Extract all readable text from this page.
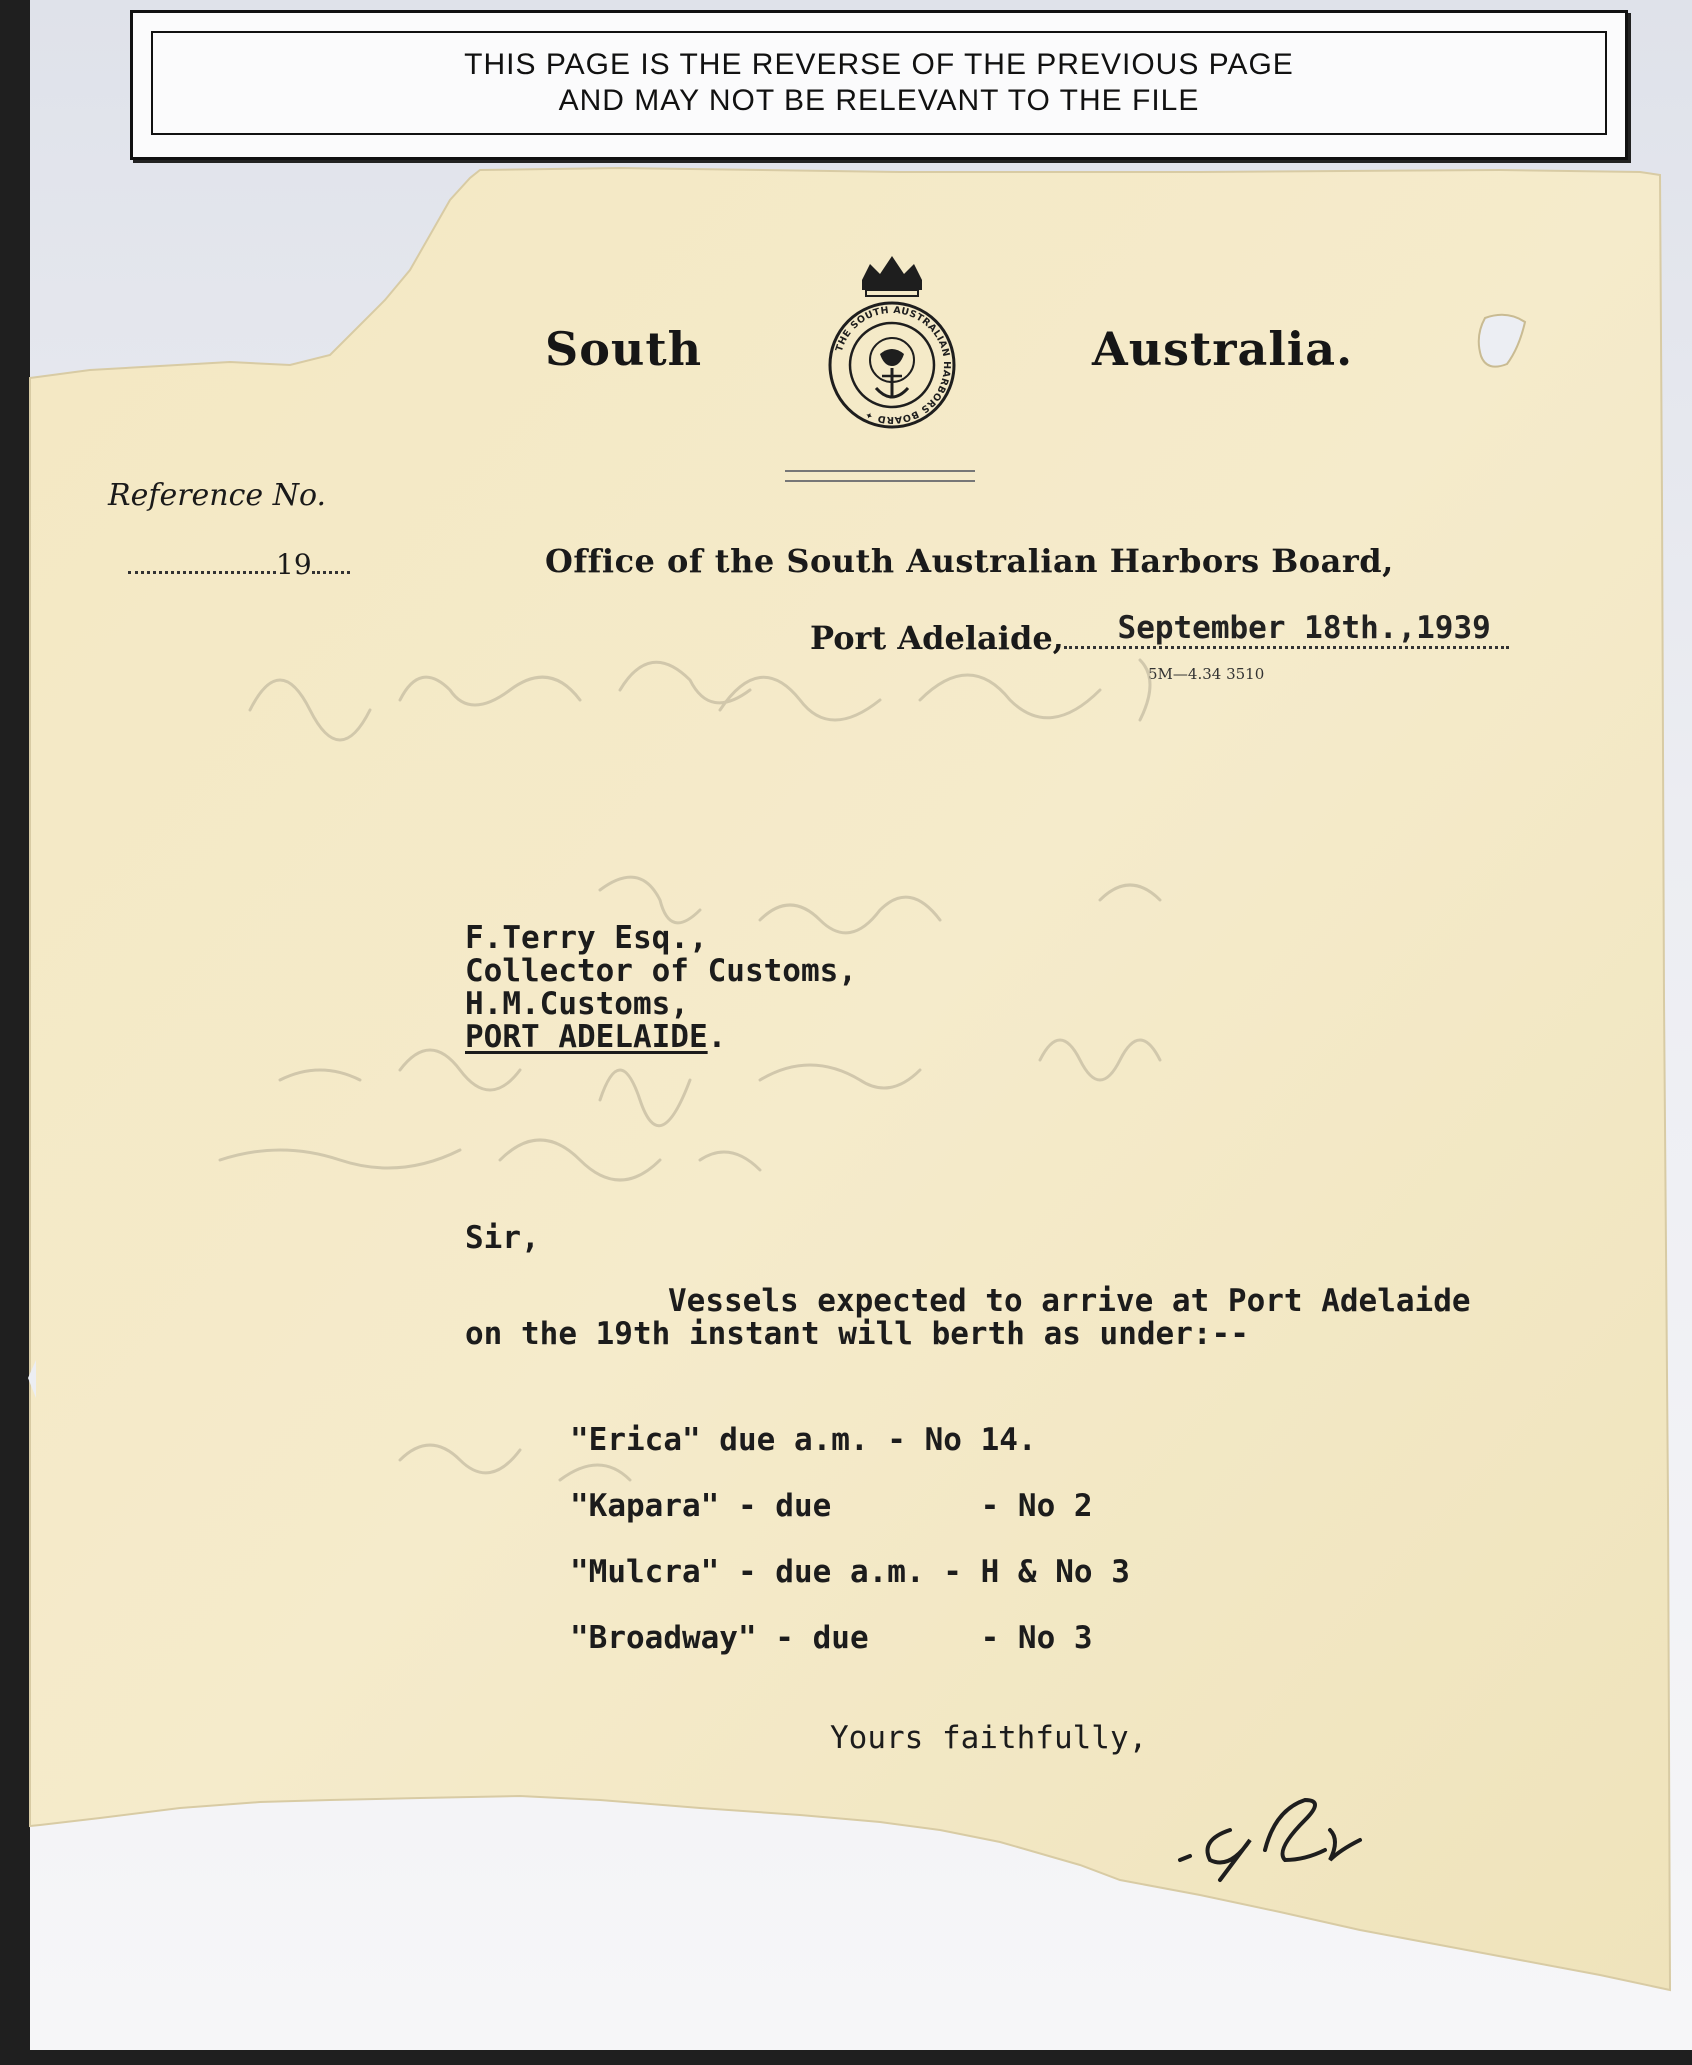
THIS PAGE IS THE REVERSE OF THE PREVIOUS PAGE
AND MAY NOT BE RELEVANT TO THE FILE
South	Australia.
THE SOUTH AUSTRALIAN HARBORS BOARD ✦
Reference No.
19	Office of the South Australian Harbors Board,
Port Adelaide, September 18th.,1939
5M—4.34 3510
F.Terry Esq.,
Collector of Customs,
H.M.Customs,
PORT ADELAIDE.
Sir,
Vessels expected to arrive at Port Adelaide
on the 19th instant will berth as under:--
"Erica" due a.m. - No 14.
"Kapara" - due        - No 2
"Mulcra" - due a.m. - H & No 3
"Broadway" - due      - No 3
Yours faithfully,
